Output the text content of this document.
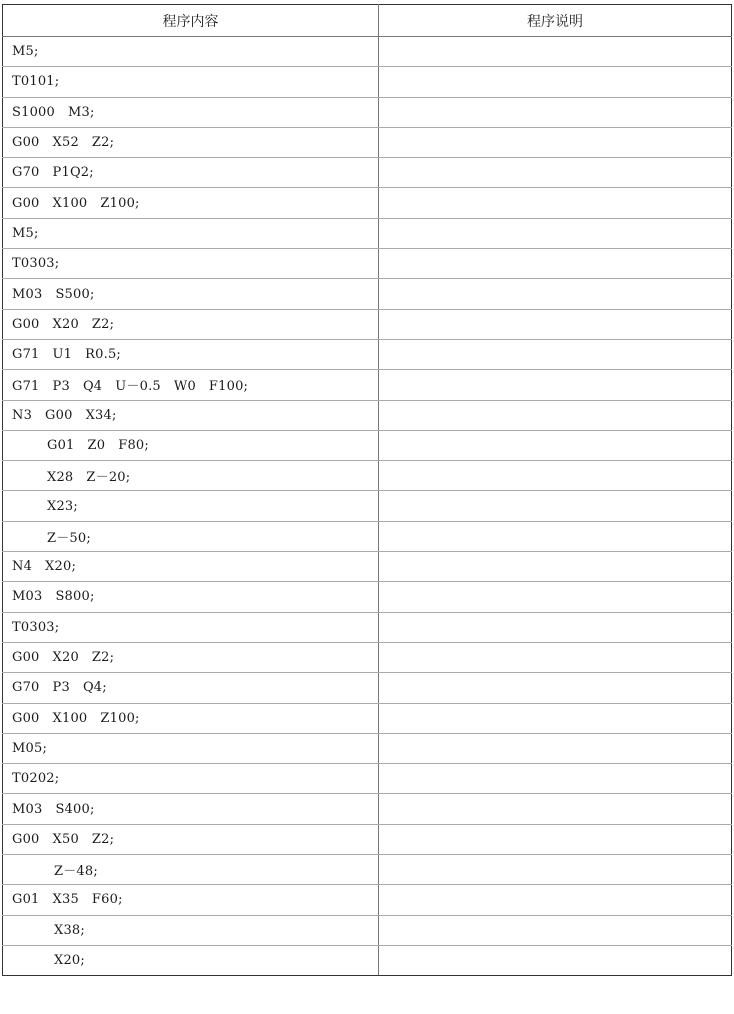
程序内容	程序说明
M5;	
T0101;	
S1000   M3;	
G00   X52   Z2;	
G70   P1Q2;	
G00   X100   Z100;	
M5;	
T0303;	
M03   S500;	
G00   X20   Z2;	
G71   U1   R0.5;	
G71   P3   Q4   U－0.5   W0   F100;	
N3   G00   X34;	
G01   Z0   F80;	
X28   Z－20;	
X23;	
Z－50;	
N4   X20;	
M03   S800;	
T0303;	
G00   X20   Z2;	
G70   P3   Q4;	
G00   X100   Z100;	
M05;	
T0202;	
M03   S400;	
G00   X50   Z2;	
Z－48;	
G01   X35   F60;	
X38;	
X20;	
